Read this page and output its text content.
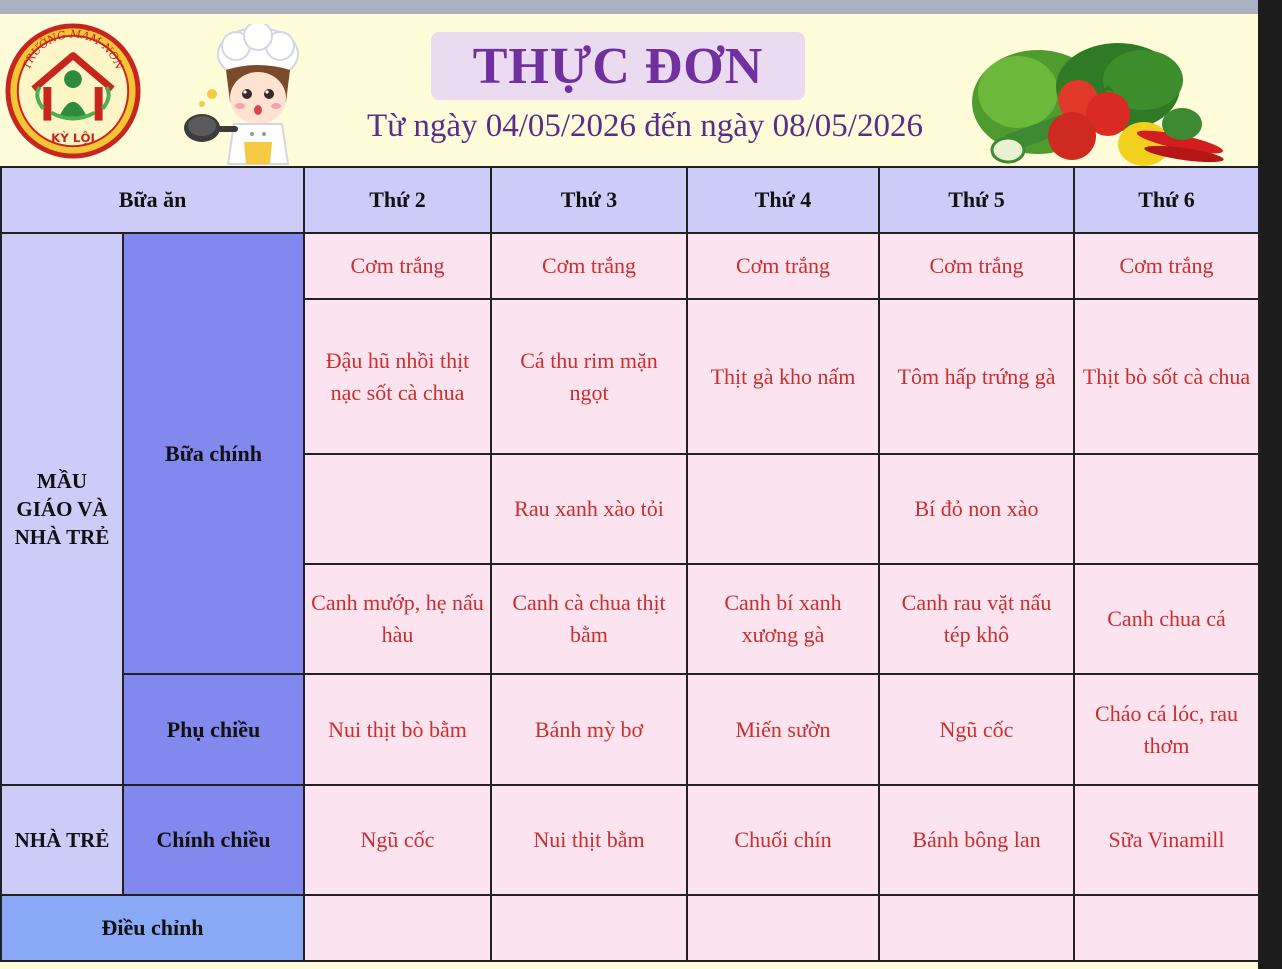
TRƯỜNG MẦM NON
KỲ LỘI
THỰC ĐƠN
Từ ngày 04/05/2026 đến ngày 08/05/2026
Bữa ăn		Thứ 2	Thứ 3	Thứ 4	Thứ 5	Thứ 6
MẦU GIÁO VÀ NHÀ TRẺ	Bữa chính	Cơm trắng	Cơm trắng	Cơm trắng	Cơm trắng	Cơm trắng
		Đậu hũ nhồi thịt nạc sốt cà chua	Cá thu rim mặn ngọt	Thịt gà kho nấm	Tôm hấp trứng gà	Thịt bò sốt cà chua
			Rau xanh xào tỏi		Bí đỏ non xào	
		Canh mướp, hẹ nấu hàu	Canh cà chua thịt bằm	Canh bí xanh xương gà	Canh rau vặt nấu tép khô	Canh chua cá
	Phụ chiều	Nui thịt bò bằm	Bánh mỳ bơ	Miến sườn	Ngũ cốc	Cháo cá lóc, rau thơm
NHÀ TRẺ	Chính chiều	Ngũ cốc	Nui thịt bằm	Chuối chín	Bánh bông lan	Sữa Vinamill
Điều chỉnh						
